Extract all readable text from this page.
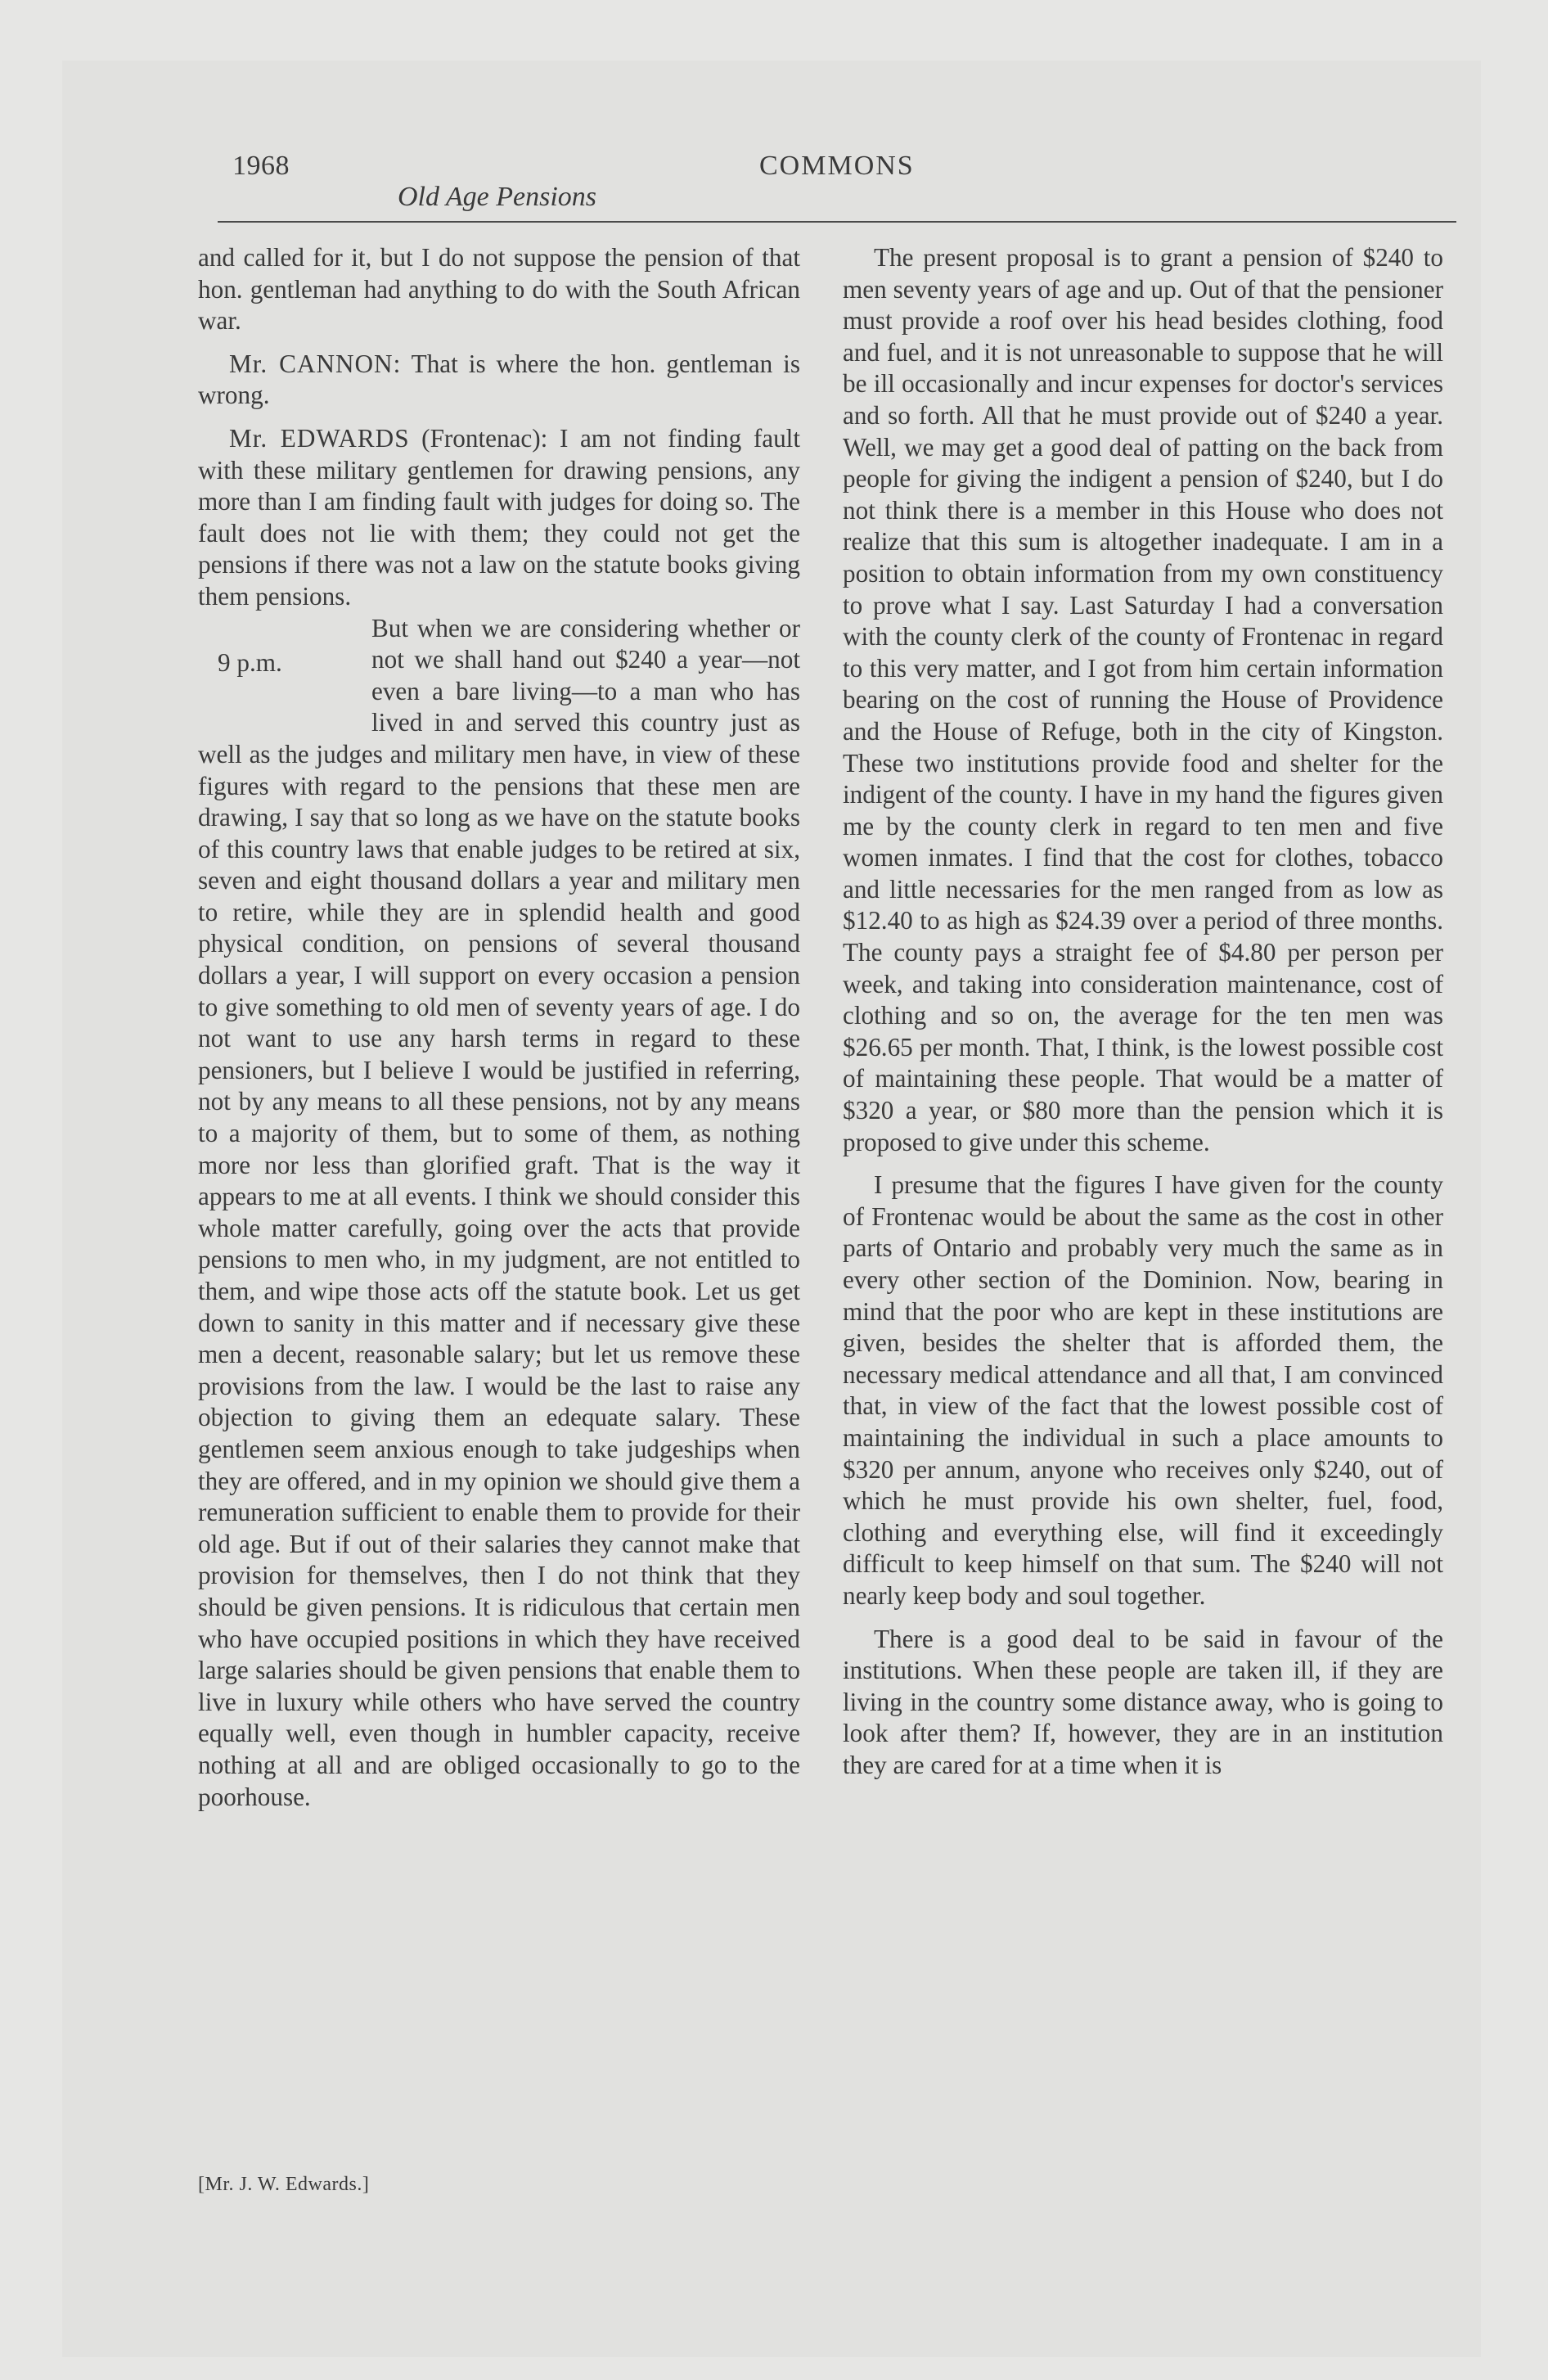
1968
Old Age Pensions
COMMONS

and called for it, but I do not suppose the pension of that hon. gentleman had anything to do with the South African war.

Mr. CANNON: That is where the hon. gentleman is wrong.

Mr. EDWARDS (Frontenac): I am not finding fault with these military gentlemen for drawing pensions, any more than I am finding fault with judges for doing so. The fault does not lie with them; they could not get the pensions if there was not a law on the statute books giving them pensions.

9 p.m.
But when we are considering whether or not we shall hand out $240 a year—not even a bare living—to a man who has lived in and served this country just as well as the judges and military men have, in view of these figures with regard to the pensions that these men are drawing, I say that so long as we have on the statute books of this country laws that enable judges to be retired at six, seven and eight thousand dollars a year and military men to retire, while they are in splendid health and good physical condition, on pensions of several thousand dollars a year, I will support on every occasion a pension to give something to old men of seventy years of age. I do not want to use any harsh terms in regard to these pensioners, but I believe I would be justified in referring, not by any means to all these pensions, not by any means to a majority of them, but to some of them, as nothing more nor less than glorified graft. That is the way it appears to me at all events. I think we should consider this whole matter carefully, going over the acts that provide pensions to men who, in my judgment, are not entitled to them, and wipe those acts off the statute book. Let us get down to sanity in this matter and if necessary give these men a decent, reasonable salary; but let us remove these provisions from the law. I would be the last to raise any objection to giving them an edequate salary. These gentlemen seem anxious enough to take judgeships when they are offered, and in my opinion we should give them a remuneration sufficient to enable them to provide for their old age. But if out of their salaries they cannot make that provision for themselves, then I do not think that they should be given pensions. It is ridiculous that certain men who have occupied positions in which they have received large salaries should be given pensions that enable them to live in luxury while others who have served the country equally well, even though in humbler capacity, receive nothing at all and are obliged occasionally to go to the poorhouse.

The present proposal is to grant a pension of $240 to men seventy years of age and up. Out of that the pensioner must provide a roof over his head besides clothing, food and fuel, and it is not unreasonable to suppose that he will be ill occasionally and incur expenses for doctor's services and so forth. All that he must provide out of $240 a year. Well, we may get a good deal of patting on the back from people for giving the indigent a pension of $240, but I do not think there is a member in this House who does not realize that this sum is altogether inadequate. I am in a position to obtain information from my own constituency to prove what I say. Last Saturday I had a conversation with the county clerk of the county of Frontenac in regard to this very matter, and I got from him certain information bearing on the cost of running the House of Providence and the House of Refuge, both in the city of Kingston. These two institutions provide food and shelter for the indigent of the county. I have in my hand the figures given me by the county clerk in regard to ten men and five women inmates. I find that the cost for clothes, tobacco and little necessaries for the men ranged from as low as $12.40 to as high as $24.39 over a period of three months. The county pays a straight fee of $4.80 per person per week, and taking into consideration maintenance, cost of clothing and so on, the average for the ten men was $26.65 per month. That, I think, is the lowest possible cost of maintaining these people. That would be a matter of $320 a year, or $80 more than the pension which it is proposed to give under this scheme.

I presume that the figures I have given for the county of Frontenac would be about the same as the cost in other parts of Ontario and probably very much the same as in every other section of the Dominion. Now, bearing in mind that the poor who are kept in these institutions are given, besides the shelter that is afforded them, the necessary medical attendance and all that, I am convinced that, in view of the fact that the lowest possible cost of maintaining the individual in such a place amounts to $320 per annum, anyone who receives only $240, out of which he must provide his own shelter, fuel, food, clothing and everything else, will find it exceedingly difficult to keep himself on that sum. The $240 will not nearly keep body and soul together.

There is a good deal to be said in favour of the institutions. When these people are taken ill, if they are living in the country some distance away, who is going to look after them? If, however, they are in an institution they are cared for at a time when it is

[Mr. J. W. Edwards.]
